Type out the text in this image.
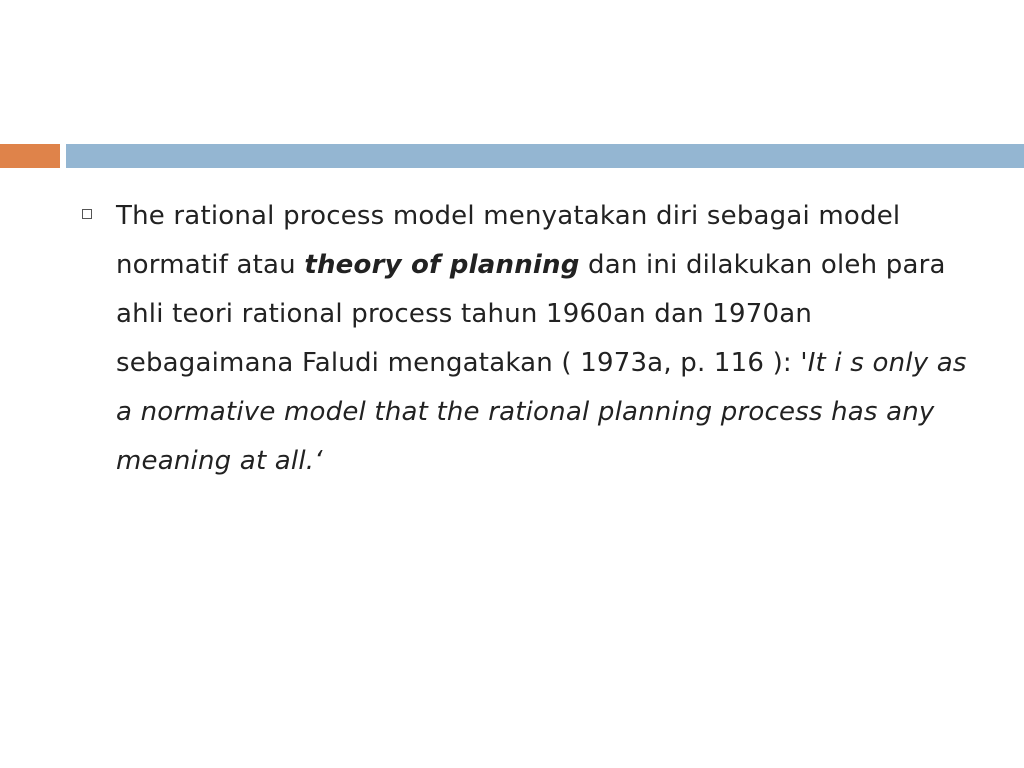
The rational process model menyatakan diri sebagai model normatif atau theory of planning dan ini dilakukan oleh para ahli teori rational process tahun 1960an dan 1970an sebagaimana Faludi mengatakan ( 1973a, p. 116 ): 'It i s only as a normative model that the rational planning process has any meaning at all.‘
